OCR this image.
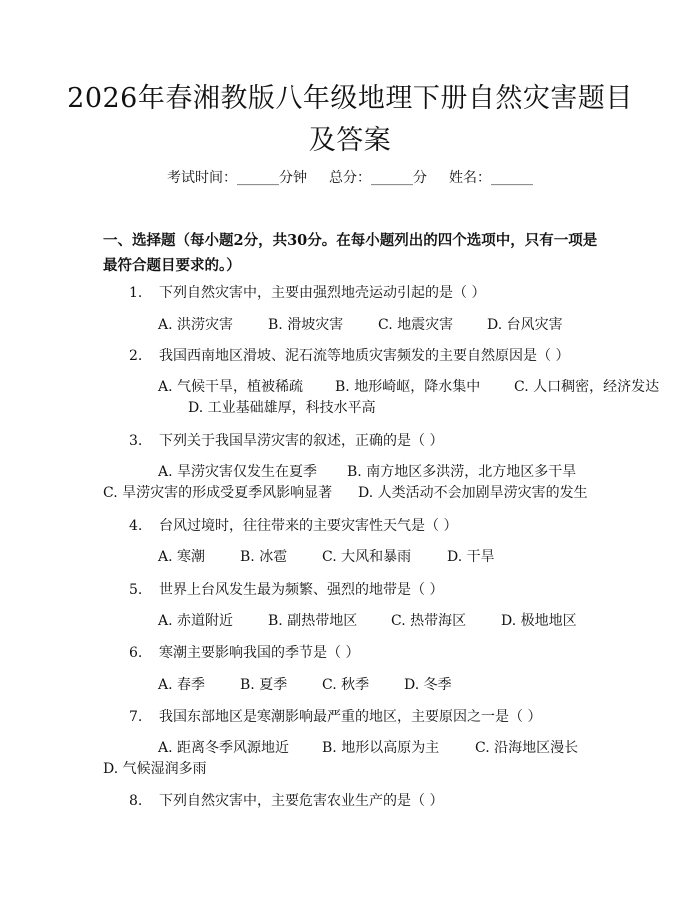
2026年春湘教版八年级地理下册自然灾害题目及答案
考试时间：______分钟 总分：______分 姓名：______
一、选择题（每小题2分，共30分。在每小题列出的四个选项中，只有一项是最符合题目要求的。）
1. 下列自然灾害中，主要由强烈地壳运动引起的是（ ）
A. 洪涝灾害 B. 滑坡灾害 C. 地震灾害 D. 台风灾害
2. 我国西南地区滑坡、泥石流等地质灾害频发的主要自然原因是（ ）
A. 气候干旱，植被稀疏 B. 地形崎岖，降水集中 C. 人口稠密，经济发达
D. 工业基础雄厚，科技水平高
3. 下列关于我国旱涝灾害的叙述，正确的是（ ）
A. 旱涝灾害仅发生在夏季 B. 南方地区多洪涝，北方地区多干旱
C. 旱涝灾害的形成受夏季风影响显著 D. 人类活动不会加剧旱涝灾害的发生
4. 台风过境时，往往带来的主要灾害性天气是（ ）
A. 寒潮 B. 冰雹 C. 大风和暴雨	D. 干旱
5. 世界上台风发生最为频繁、强烈的地带是（ ）
A. 赤道附近 B. 副热带地区 C. 热带海区 D. 极地地区
6. 寒潮主要影响我国的季节是（ ）
A. 春季 B. 夏季 C. 秋季 D. 冬季
7. 我国东部地区是寒潮影响最严重的地区，主要原因之一是（ ）
A. 距离冬季风源地近 B. 地形以高原为主	C. 沿海地区漫长
D. 气候湿润多雨
8. 下列自然灾害中，主要危害农业生产的是（ ）
